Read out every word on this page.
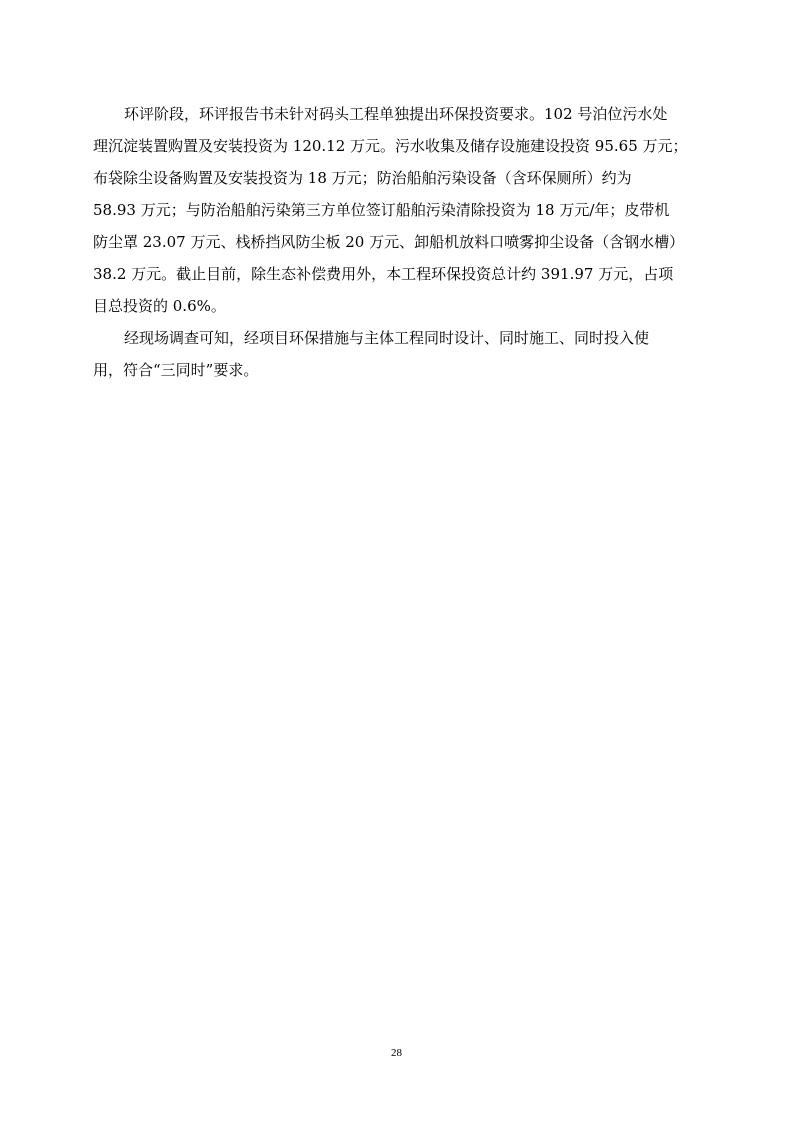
环评阶段，环评报告书未针对码头工程单独提出环保投资要求。102 号泊位污水处
理沉淀装置购置及安装投资为 120.12 万元。污水收集及储存设施建设投资 95.65 万元；
布袋除尘设备购置及安装投资为 18 万元；防治船舶污染设备（含环保厕所）约为
58.93 万元；与防治船舶污染第三方单位签订船舶污染清除投资为 18 万元/年；皮带机
防尘罩 23.07 万元、栈桥挡风防尘板 20 万元、卸船机放料口喷雾抑尘设备（含钢水槽）
38.2 万元。截止目前，除生态补偿费用外，本工程环保投资总计约 391.97 万元，占项
目总投资的 0.6%。
经现场调查可知，经项目环保措施与主体工程同时设计、同时施工、同时投入使
用，符合“三同时”要求。
28
